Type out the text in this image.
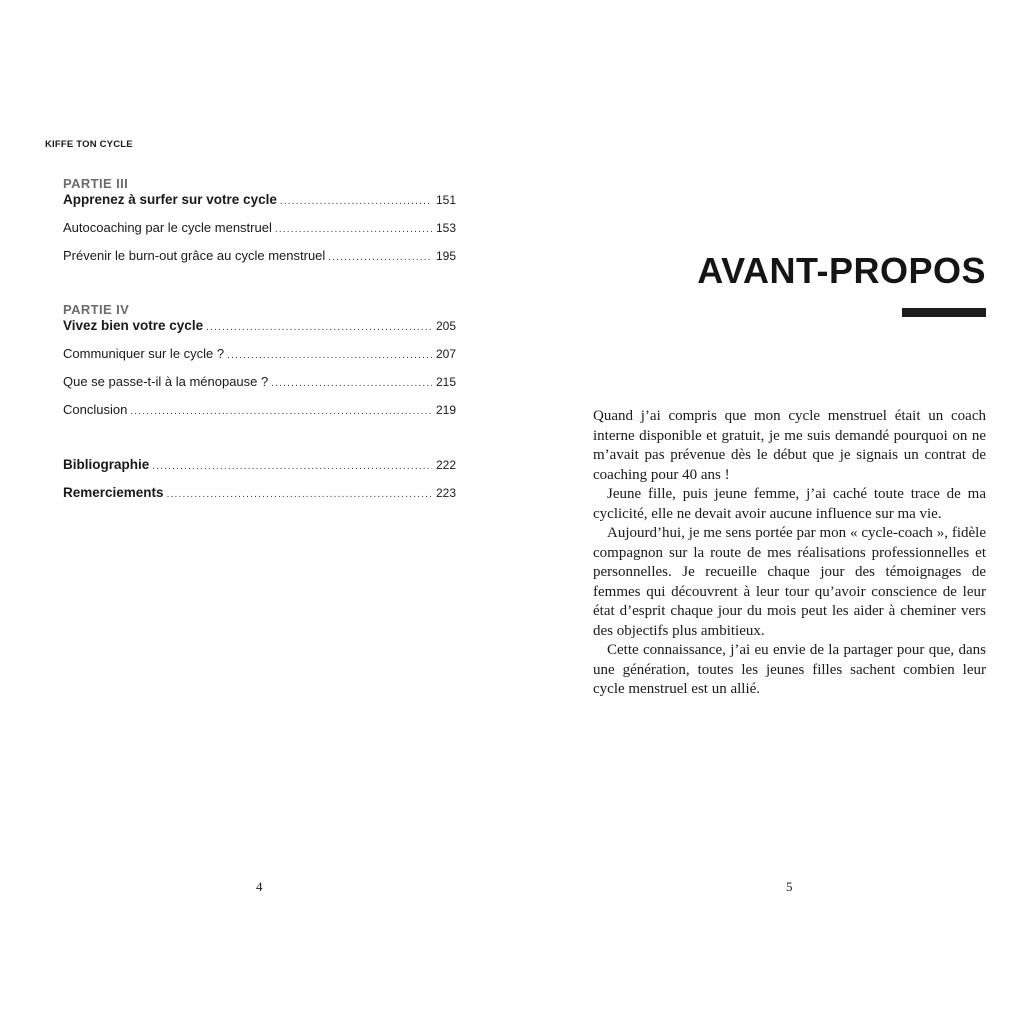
KIFFE TON CYCLE
PARTIE III
Apprenez à surfer sur votre cycle .....	151
Autocoaching par le cycle menstruel .....	153
Prévenir le burn-out grâce au cycle menstruel .....	195
PARTIE IV
Vivez bien votre cycle .....	205
Communiquer sur le cycle ? .....	207
Que se passe-t-il à la ménopause ? .....	215
Conclusion .....	219
Bibliographie .....	222
Remerciements .....	223
4
AVANT-PROPOS

Quand j’ai compris que mon cycle menstruel était un coach interne disponible et gratuit, je me suis demandé pourquoi on ne m’avait pas prévenue dès le début que je signais un contrat de coaching pour 40 ans !

Jeune fille, puis jeune femme, j’ai caché toute trace de ma cyclicité, elle ne devait avoir aucune influence sur ma vie.

Aujourd’hui, je me sens portée par mon « cycle-coach », fidèle compagnon sur la route de mes réalisations professionnelles et personnelles. Je recueille chaque jour des témoignages de femmes qui découvrent à leur tour qu’avoir conscience de leur état d’esprit chaque jour du mois peut les aider à cheminer vers des objectifs plus ambitieux.

Cette connaissance, j’ai eu envie de la partager pour que, dans une génération, toutes les jeunes filles sachent combien leur cycle menstruel est un allié.

5
